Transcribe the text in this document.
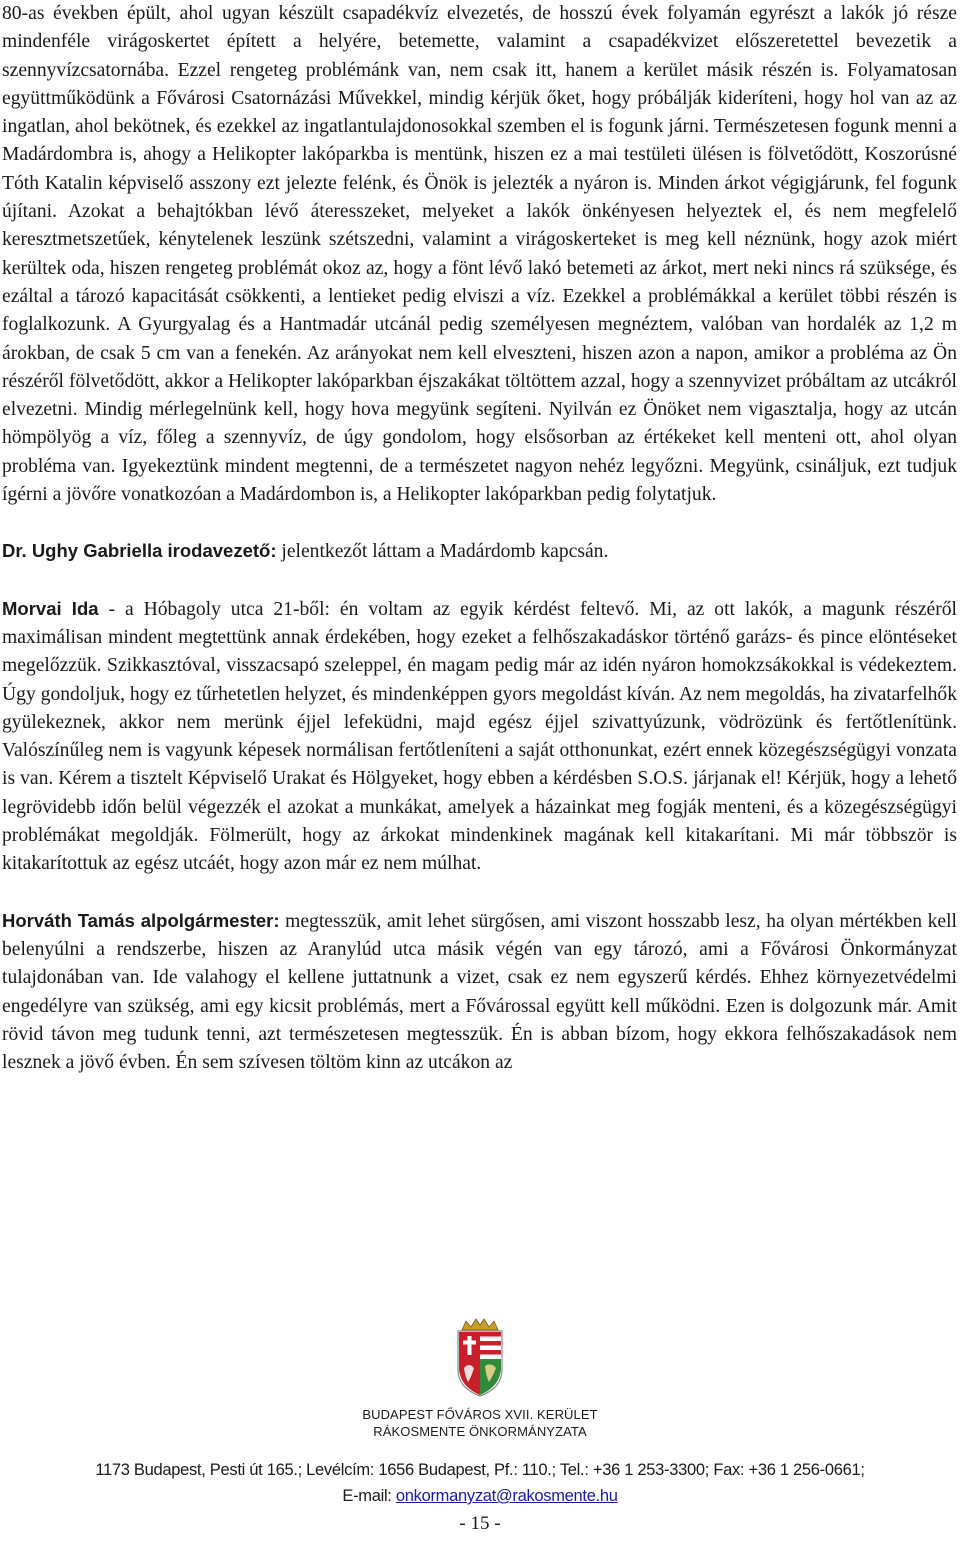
80-as években épült, ahol ugyan készült csapadékvíz elvezetés, de hosszú évek folyamán egyrészt a lakók jó része mindenféle virágoskertet épített a helyére, betemette, valamint a csapadékvizet előszeretettel bevezetik a szennyvízcsatornába. Ezzel rengeteg problémánk van, nem csak itt, hanem a kerület másik részén is. Folyamatosan együttműködünk a Fővárosi Csatornázási Művekkel, mindig kérjük őket, hogy próbálják kideríteni, hogy hol van az az ingatlan, ahol bekötnek, és ezekkel az ingatlantulajdonosokkal szemben el is fogunk járni. Természetesen fogunk menni a Madárdombra is, ahogy a Helikopter lakóparkba is mentünk, hiszen ez a mai testületi ülésen is fölvetődött, Koszorúsné Tóth Katalin képviselő asszony ezt jelezte felénk, és Önök is jelezték a nyáron is. Minden árkot végigjárunk, fel fogunk újítani. Azokat a behajtókban lévő áteresszeket, melyeket a lakók önkényesen helyeztek el, és nem megfelelő keresztmetszetűek, kénytelenek leszünk szétszedni, valamint a virágoskerteket is meg kell néznünk, hogy azok miért kerültek oda, hiszen rengeteg problémát okoz az, hogy a fönt lévő lakó betemeti az árkot, mert neki nincs rá szüksége, és ezáltal a tározó kapacitását csökkenti, a lentieket pedig elviszi a víz. Ezekkel a problémákkal a kerület többi részén is foglalkozunk. A Gyurgyalag és a Hantmadár utcánál pedig személyesen megnéztem, valóban van hordalék az 1,2 m árokban, de csak 5 cm van a fenekén. Az arányokat nem kell elveszteni, hiszen azon a napon, amikor a probléma az Ön részéről fölvetődött, akkor a Helikopter lakóparkban éjszakákat töltöttem azzal, hogy a szennyvizet próbáltam az utcákról elvezetni. Mindig mérlegelnünk kell, hogy hova megyünk segíteni. Nyilván ez Önöket nem vigasztalja, hogy az utcán hömpölyög a víz, főleg a szennyvíz, de úgy gondolom, hogy elsősorban az értékeket kell menteni ott, ahol olyan probléma van. Igyekeztünk mindent megtenni, de a természetet nagyon nehéz legyőzni. Megyünk, csináljuk, ezt tudjuk ígérni a jövőre vonatkozóan a Madárdombon is, a Helikopter lakóparkban pedig folytatjuk.

Dr. Ughy Gabriella irodavezető: jelentkezőt láttam a Madárdomb kapcsán.

Morvai Ida - a Hóbagoly utca 21-ből: én voltam az egyik kérdést feltevő. Mi, az ott lakók, a magunk részéről maximálisan mindent megtettünk annak érdekében, hogy ezeket a felhőszakadáskor történő garázs- és pince elöntéseket megelőzzük. Szikkasztóval, visszacsapó szeleppel, én magam pedig már az idén nyáron homokzsákokkal is védekeztem. Úgy gondoljuk, hogy ez tűrhetetlen helyzet, és mindenképpen gyors megoldást kíván. Az nem megoldás, ha zivatarfelhők gyülekeznek, akkor nem merünk éjjel lefeküdni, majd egész éjjel szivattyúzunk, vödrözünk és fertőtlenítünk. Valószínűleg nem is vagyunk képesek normálisan fertőtleníteni a saját otthonunkat, ezért ennek közegészségügyi vonzata is van. Kérem a tisztelt Képviselő Urakat és Hölgyeket, hogy ebben a kérdésben S.O.S. járjanak el! Kérjük, hogy a lehető legrövidebb időn belül végezzék el azokat a munkákat, amelyek a házainkat meg fogják menteni, és a közegészségügyi problémákat megoldják. Fölmerült, hogy az árkokat mindenkinek magának kell kitakarítani. Mi már többször is kitakarítottuk az egész utcáét, hogy azon már ez nem múlhat.

Horváth Tamás alpolgármester: megtesszük, amit lehet sürgősen, ami viszont hosszabb lesz, ha olyan mértékben kell belenyúlni a rendszerbe, hiszen az Aranylúd utca másik végén van egy tározó, ami a Fővárosi Önkormányzat tulajdonában van. Ide valahogy el kellene juttatnunk a vizet, csak ez nem egyszerű kérdés. Ehhez környezetvédelmi engedélyre van szükség, ami egy kicsit problémás, mert a Fővárossal együtt kell működni. Ezen is dolgozunk már. Amit rövid távon meg tudunk tenni, azt természetesen megtesszük. Én is abban bízom, hogy ekkora felhőszakadások nem lesznek a jövő évben. Én sem szívesen töltöm kinn az utcákon az

BUDAPEST FŐVÁROS XVII. KERÜLET
RÁKOSMENTE ÖNKORMÁNYZATA
1173 Budapest, Pesti út 165.; Levélcím: 1656 Budapest, Pf.: 110.; Tel.: +36 1 253-3300; Fax: +36 1 256-0661;
E-mail: onkormanyzat@rakosmente.hu
- 15 -
